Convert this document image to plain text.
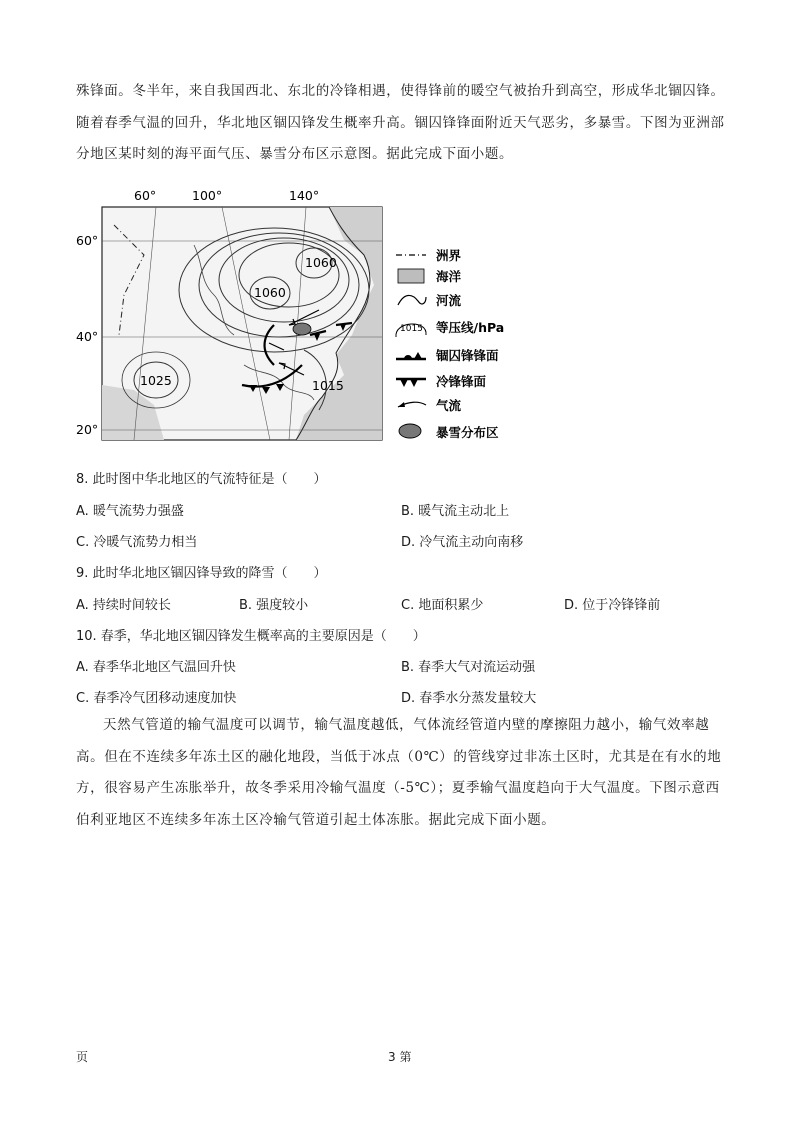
殊锋面。冬半年，来自我国西北、东北的冷锋相遇，使得锋前的暖空气被抬升到高空，形成华北锢囚锋。随着春季气温的回升，华北地区锢囚锋发生概率升高。锢囚锋锋面附近天气恶劣，多暴雪。下图为亚洲部分地区某时刻的海平面气压、暴雪分布区示意图。据此完成下面小题。
1060
1060
1025	1015
60°	100°	140°
60°
40°
20°
洲界
海洋
河流
1015 等压线/hPa
锢囚锋锋面
冷锋锋面
气流
暴雪分布区
8. 此时图中华北地区的气流特征是（　　）
A. 暖气流势力强盛	B. 暖气流主动北上
C. 冷暖气流势力相当	D. 冷气流主动向南移
9. 此时华北地区锢囚锋导致的降雪（　　）
A. 持续时间较长	B. 强度较小	C. 地面积累少	D. 位于冷锋锋前
10. 春季，华北地区锢囚锋发生概率高的主要原因是（　　）
A. 春季华北地区气温回升快	B. 春季大气对流运动强
C. 春季冷气团移动速度加快	D. 春季水分蒸发量较大
天然气管道的输气温度可以调节，输气温度越低，气体流经管道内壁的摩擦阻力越小，输气效率越高。但在不连续多年冻土区的融化地段，当低于冰点（0℃）的管线穿过非冻土区时，尤其是在有水的地方，很容易产生冻胀举升，故冬季采用冷输气温度（-5℃）；夏季输气温度趋向于大气温度。下图示意西伯利亚地区不连续多年冻土区冷输气管道引起土体冻胀。据此完成下面小题。
页	3 第
